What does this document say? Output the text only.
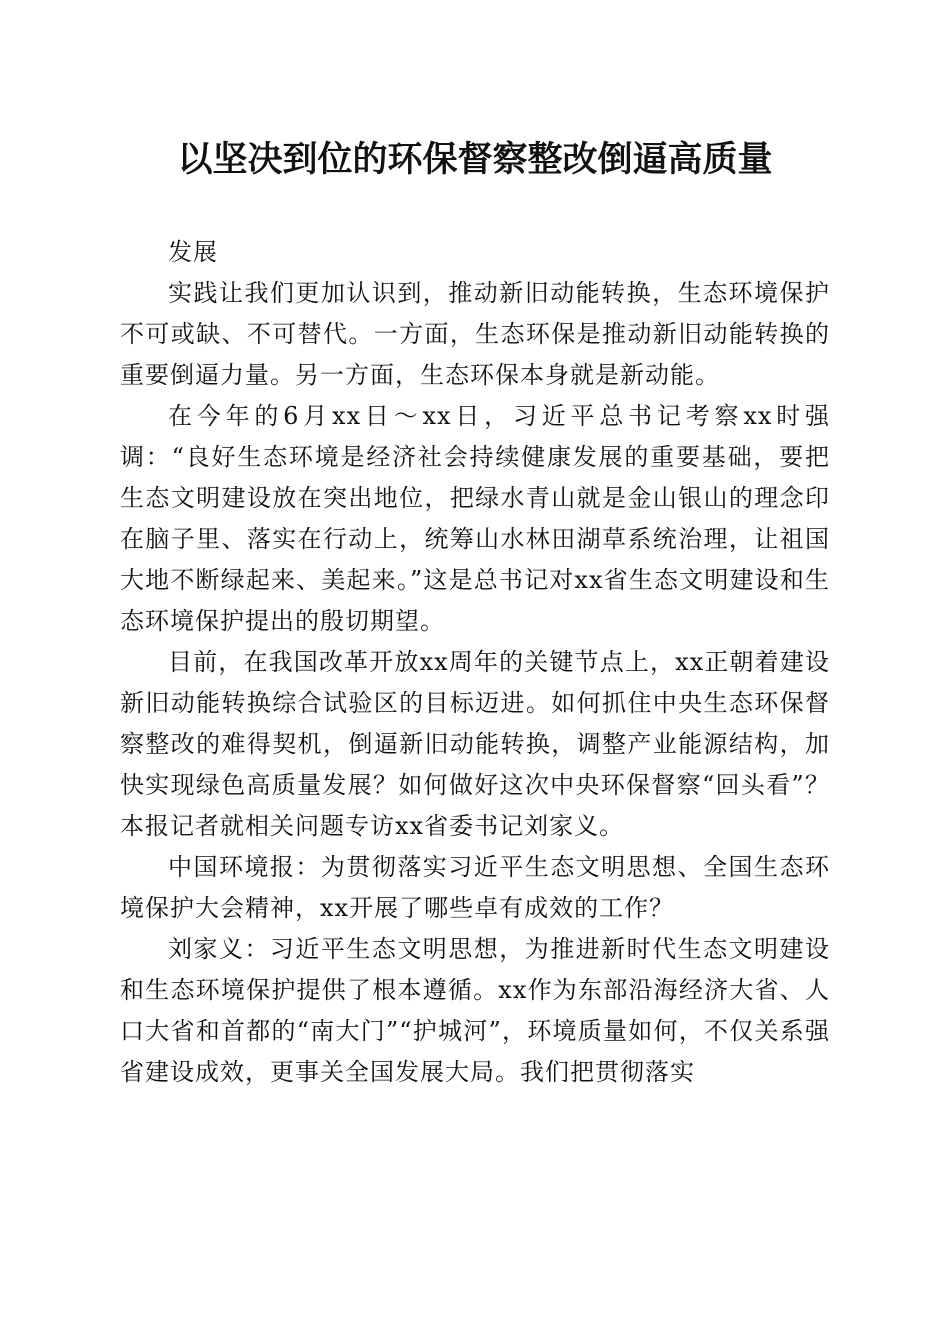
以坚决到位的环保督察整改倒逼高质量

发展

实践让我们更加认识到，推动新旧动能转换，生态环境保护不可或缺、不可替代。一方面，生态环保是推动新旧动能转换的重要倒逼力量。另一方面，生态环保本身就是新动能。

在今年的6月xx日～xx日，习近平总书记考察xx时强调：“良好生态环境是经济社会持续健康发展的重要基础，要把生态文明建设放在突出地位，把绿水青山就是金山银山的理念印在脑子里、落实在行动上，统筹山水林田湖草系统治理，让祖国大地不断绿起来、美起来。”这是总书记对xx省生态文明建设和生态环境保护提出的殷切期望。

目前，在我国改革开放xx周年的关键节点上，xx正朝着建设新旧动能转换综合试验区的目标迈进。如何抓住中央生态环保督察整改的难得契机，倒逼新旧动能转换，调整产业能源结构，加快实现绿色高质量发展？如何做好这次中央环保督察“回头看”？本报记者就相关问题专访xx省委书记刘家义。

中国环境报：为贯彻落实习近平生态文明思想、全国生态环境保护大会精神，xx开展了哪些卓有成效的工作？

刘家义：习近平生态文明思想，为推进新时代生态文明建设和生态环境保护提供了根本遵循。xx作为东部沿海经济大省、人口大省和首都的“南大门”“护城河”，环境质量如何，不仅关系强省建设成效，更事关全国发展大局。我们把贯彻落实
